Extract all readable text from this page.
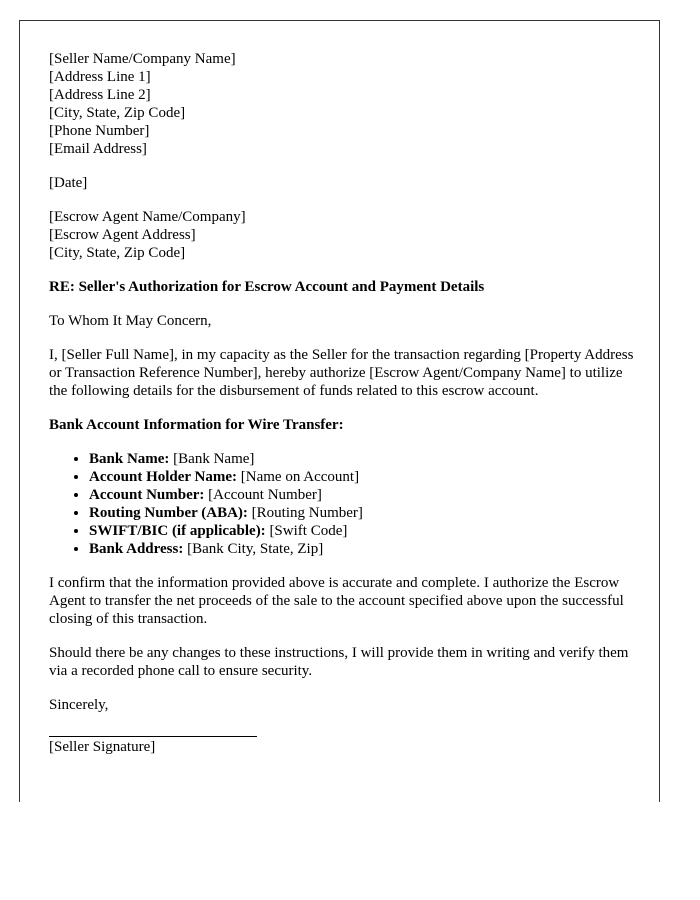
[Seller Name/Company Name]
[Address Line 1]
[Address Line 2]
[City, State, Zip Code]
[Phone Number]
[Email Address]

[Date]

[Escrow Agent Name/Company]
[Escrow Agent Address]
[City, State, Zip Code]

RE: Seller's Authorization for Escrow Account and Payment Details

To Whom It May Concern,

I, [Seller Full Name], in my capacity as the Seller for the transaction regarding [Property Address or Transaction Reference Number], hereby authorize [Escrow Agent/Company Name] to utilize the following details for the disbursement of funds related to this escrow account.

Bank Account Information for Wire Transfer:

• Bank Name: [Bank Name]
• Account Holder Name: [Name on Account]
• Account Number: [Account Number]
• Routing Number (ABA): [Routing Number]
• SWIFT/BIC (if applicable): [Swift Code]
• Bank Address: [Bank City, State, Zip]

I confirm that the information provided above is accurate and complete. I authorize the Escrow Agent to transfer the net proceeds of the sale to the account specified above upon the successful closing of this transaction.

Should there be any changes to these instructions, I will provide them in writing and verify them via a recorded phone call to ensure security.

Sincerely,

[Seller Signature]
